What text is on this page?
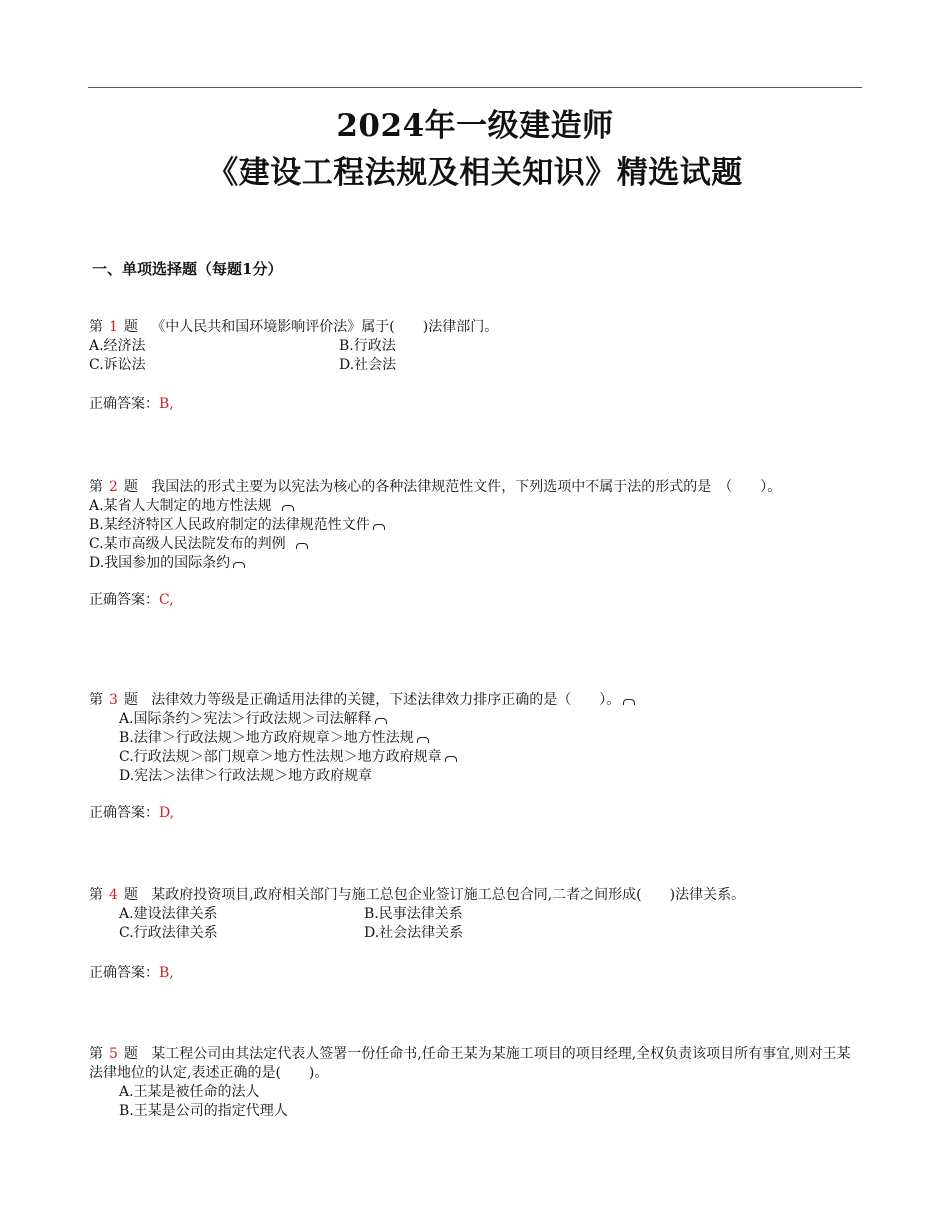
2024年一级建造师
《建设工程法规及相关知识》精选试题
一、单项选择题（每题1分）
第 1 题 《中人民共和国环境影响评价法》属于(　　)法律部门。
A.经济法	B.行政法
C.诉讼法	D.社会法
正确答案：B,
第 2 题 我国法的形式主要为以宪法为核心的各种法律规范性文件，下列选项中不属于法的形式的是　（　　）。
A.某省人大制定的地方性法规
B.某经济特区人民政府制定的法律规范性文件
C.某市高级人民法院发布的判例
D.我国参加的国际条约
正确答案：C,
第 3 题 法律效力等级是正确适用法律的关键，下述法律效力排序正确的是（　　）。
A.国际条约＞宪法＞行政法规＞司法解释
B.法律＞行政法规＞地方政府规章＞地方性法规
C.行政法规＞部门规章＞地方性法规＞地方政府规章
D.宪法＞法律＞行政法规＞地方政府规章
正确答案：D,
第 4 题 某政府投资项目,政府相关部门与施工总包企业签订施工总包合同,二者之间形成(　　)法律关系。
A.建设法律关系	B.民事法律关系
C.行政法律关系	D.社会法律关系
正确答案：B,
第 5 题 某工程公司由其法定代表人签署一份任命书,任命王某为某施工项目的项目经理,全权负责该项目所有事宜,则对王某法律地位的认定,表述正确的是(　　)。
A.王某是被任命的法人
B.王某是公司的指定代理人
